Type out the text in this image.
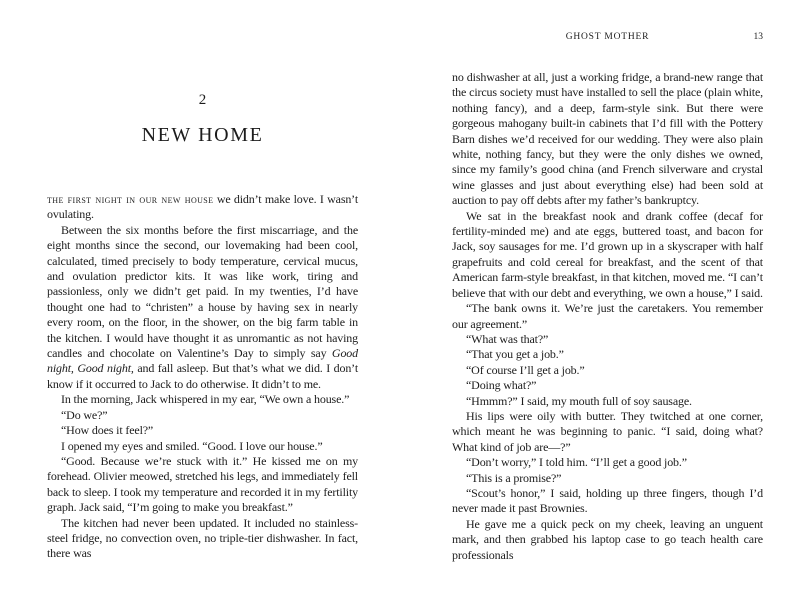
2
NEW HOME

the first night in our new house we didn’t make love. I wasn’t ovulating.

Between the six months before the first miscarriage, and the eight months since the second, our lovemaking had been cool, calculated, timed precisely to body temperature, cervical mucus, and ovulation predictor kits. It was like work, tiring and passionless, only we didn’t get paid. In my twenties, I’d have thought one had to “christen” a house by having sex in nearly every room, on the floor, in the shower, on the big farm table in the kitchen. I would have thought it as unromantic as not having candles and chocolate on Valentine’s Day to simply say Good night, Good night, and fall asleep. But that’s what we did. I don’t know if it occurred to Jack to do otherwise. It didn’t to me.

In the morning, Jack whispered in my ear, “We own a house.”

“Do we?”

“How does it feel?”

I opened my eyes and smiled. “Good. I love our house.”

“Good. Because we’re stuck with it.” He kissed me on my forehead. Olivier meowed, stretched his legs, and immediately fell back to sleep. I took my temperature and recorded it in my fertility graph. Jack said, “I’m going to make you breakfast.”

The kitchen had never been updated. It included no stainless-steel fridge, no convection oven, no triple-tier dishwasher. In fact, there was

GHOST MOTHER	13

no dishwasher at all, just a working fridge, a brand-new range that the circus society must have installed to sell the place (plain white, nothing fancy), and a deep, farm-style sink. But there were gorgeous mahogany built-in cabinets that I’d fill with the Pottery Barn dishes we’d received for our wedding. They were also plain white, nothing fancy, but they were the only dishes we owned, since my family’s good china (and French silverware and crystal wine glasses and just about everything else) had been sold at auction to pay off debts after my father’s bankruptcy.

We sat in the breakfast nook and drank coffee (decaf for fertility-minded me) and ate eggs, buttered toast, and bacon for Jack, soy sausages for me. I’d grown up in a skyscraper with half grapefruits and cold cereal for breakfast, and the scent of that American farm-style breakfast, in that kitchen, moved me. “I can’t believe that with our debt and everything, we own a house,” I said.

“The bank owns it. We’re just the caretakers. You remember our agreement.”

“What was that?”

“That you get a job.”

“Of course I’ll get a job.”

“Doing what?”

“Hmmm?” I said, my mouth full of soy sausage.

His lips were oily with butter. They twitched at one corner, which meant he was beginning to panic. “I said, doing what? What kind of job are—?”

“Don’t worry,” I told him. “I’ll get a good job.”

“This is a promise?”

“Scout’s honor,” I said, holding up three fingers, though I’d never made it past Brownies.

He gave me a quick peck on my cheek, leaving an unguent mark, and then grabbed his laptop case to go teach health care professionals
